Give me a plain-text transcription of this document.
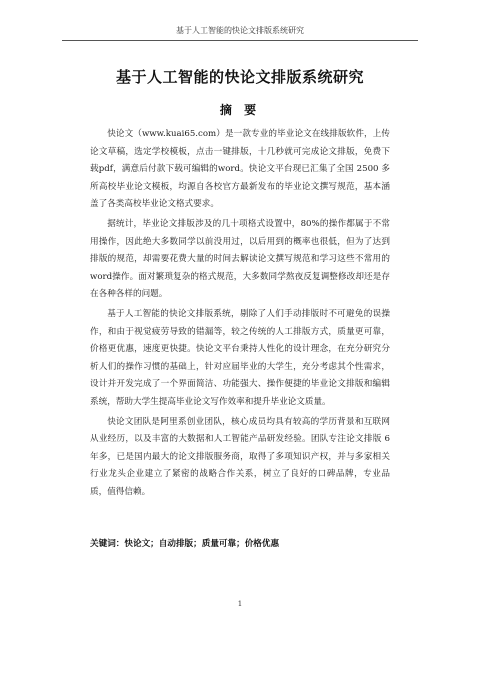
基于人工智能的快论文排版系统研究
基于人工智能的快论文排版系统研究
摘 要

快论文（www.kuai65.com）是一款专业的毕业论文在线排版软件，上传论文草稿，选定学校模板，点击一键排版，十几秒就可完成论文排版，免费下载pdf，满意后付款下载可编辑的word。快论文平台现已汇集了全国 2500 多所高校毕业论文模板，均源自各校官方最新发布的毕业论文撰写规范，基本涵盖了各类高校毕业论文格式要求。

据统计，毕业论文排版涉及的几十项格式设置中，80%的操作都属于不常用操作，因此绝大多数同学以前没用过，以后用到的概率也很低，但为了达到排版的规范，却需要花费大量的时间去解读论文撰写规范和学习这些不常用的word操作。面对繁琐复杂的格式规范，大多数同学熬夜反复调整修改却还是存在各种各样的问题。

基于人工智能的快论文排版系统，剔除了人们手动排版时不可避免的误操作，和由于视觉疲劳导致的错漏等，较之传统的人工排版方式，质量更可靠，价格更优惠，速度更快捷。快论文平台秉持人性化的设计理念，在充分研究分析人们的操作习惯的基础上，针对应届毕业的大学生，充分考虑其个性需求，设计并开发完成了一个界面简洁、功能强大、操作便捷的毕业论文排版和编辑系统，帮助大学生提高毕业论文写作效率和提升毕业论文质量。

快论文团队是阿里系创业团队，核心成员均具有较高的学历背景和互联网从业经历，以及丰富的大数据和人工智能产品研发经验。团队专注论文排版 6 年多，已是国内最大的论文排版服务商，取得了多项知识产权，并与多家相关行业龙头企业建立了紧密的战略合作关系，树立了良好的口碑品牌，专业品质，值得信赖。

关键词：快论文；自动排版；质量可靠；价格优惠
1
